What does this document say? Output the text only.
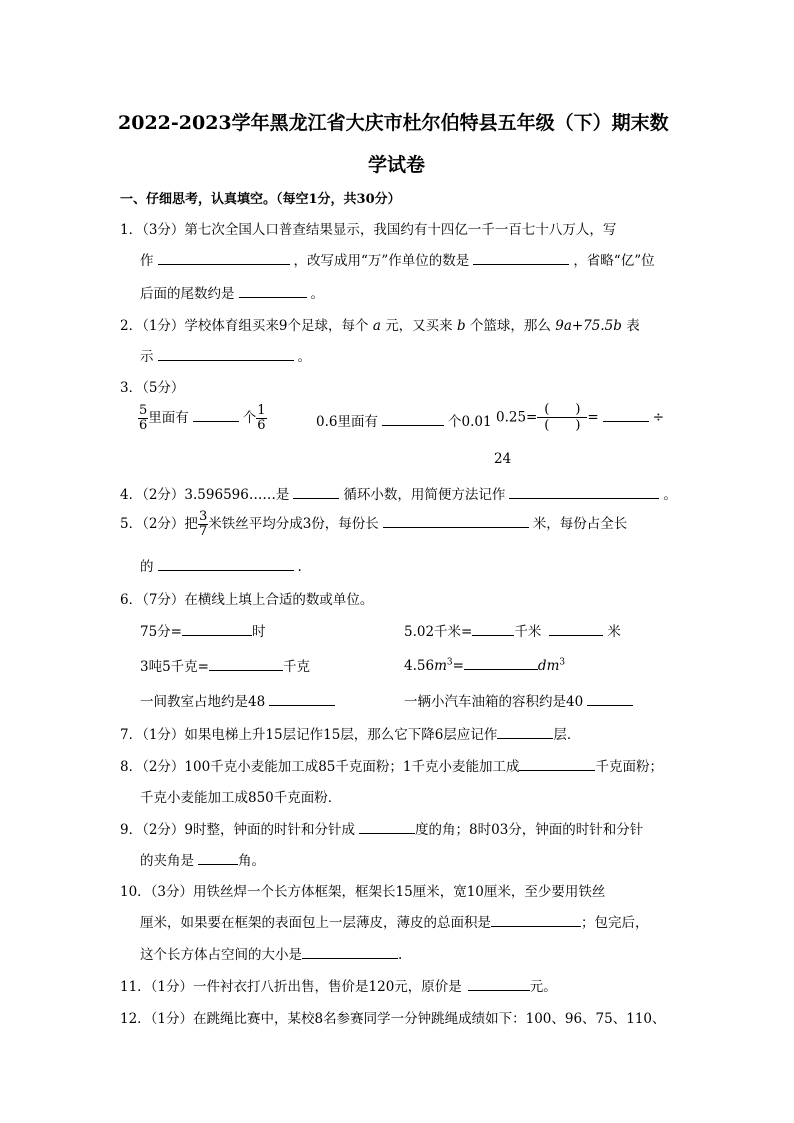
2022-2023学年黑龙江省大庆市杜尔伯特县五年级（下）期末数
学试卷
一、仔细思考，认真填空。（每空1分，共30分）
1．（3分）第七次全国人口普查结果显示，我国约有十四亿一千一百七十八万人，写
作	，改写成用“万”作单位的数是	，省略“亿”位
后面的尾数约是	。
2．（1分）学校体育组买来9个足球，每个 a 元，又买来 b 个篮球，那么 9a+75.5b 表
示	。
3．（5分）
$\frac{5}{6}$ 里面有	个 $\frac{1}{6}$	0.6里面有	个0.01 $0.25= \frac{( )}{( )}$ =	÷
24
4．（2分）3.596596……是	循环小数，用简便方法记作	。
5．（2分）把 $\frac{3}{7}$ 米铁丝平均分成3份，每份长	米，每份占全长
的	.
6．（7分）在横线上填上合适的数或单位。
75分=	时	5.02千米=	千米	米
3吨5千克=	千克	$4.56m^3=$	$dm^3$
一间教室占地约是48	一辆小汽车油箱的容积约是40
7．（1分）如果电梯上升15层记作15层，那么它下降6层应记作	层．
8．（2分）100千克小麦能加工成85千克面粉；1千克小麦能加工成	千克面粉；
千克小麦能加工成850千克面粉．
9．（2分）9时整，钟面的时针和分针成	度的角；8时03分，钟面的时针和分针
的夹角是	角。
10．（3分）用铁丝焊一个长方体框架，框架长15厘米，宽10厘米，至少要用铁丝
厘米，如果要在框架的表面包上一层薄皮，薄皮的总面积是	；包完后，
这个长方体占空间的大小是	.
11．（1分）一件衬衣打八折出售，售价是120元，原价是	元。
12．（1分）在跳绳比赛中，某校8名参赛同学一分钟跳绳成绩如下：100、96、75、110、
